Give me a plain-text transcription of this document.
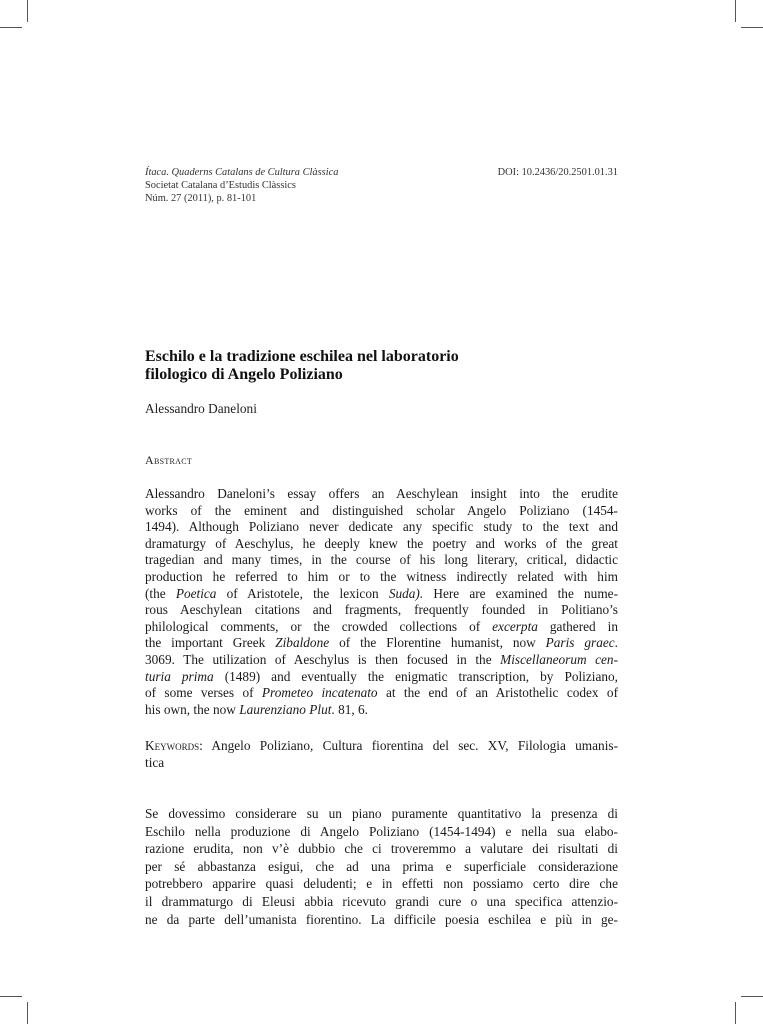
Ítaca. Quaderns Catalans de Cultura Clàssica	DOI: 10.2436/20.2501.01.31
Societat Catalana d’Estudis Clàssics
Núm. 27 (2011), p. 81-101
Eschilo e la tradizione eschilea nel laboratorio
filologico di Angelo Poliziano
Alessandro Daneloni
Abstract
Alessandro Daneloni’s essay offers an Aeschylean insight into the erudite
works of the eminent and distinguished scholar Angelo Poliziano (1454-
1494). Although Poliziano never dedicate any specific study to the text and
dramaturgy of Aeschylus, he deeply knew the poetry and works of the great
tragedian and many times, in the course of his long literary, critical, didactic
production he referred to him or to the witness indirectly related with him
(the Poetica of Aristotele, the lexicon Suda). Here are examined the nume-
rous Aeschylean citations and fragments, frequently founded in Politiano’s
philological comments, or the crowded collections of excerpta gathered in
the important Greek Zibaldone of the Florentine humanist, now Paris graec.
3069. The utilization of Aeschylus is then focused in the Miscellaneorum cen-
turia prima (1489) and eventually the enigmatic transcription, by Poliziano,
of some verses of Prometeo incatenato at the end of an Aristothelic codex of
his own, the now Laurenziano Plut. 81, 6.
Keywords: Angelo Poliziano, Cultura fiorentina del sec. XV, Filologia umanis-
tica
Se dovessimo considerare su un piano puramente quantitativo la presenza di
Eschilo nella produzione di Angelo Poliziano (1454-1494) e nella sua elabo-
razione erudita, non v’è dubbio che ci troveremmo a valutare dei risultati di
per sé abbastanza esigui, che ad una prima e superficiale considerazione
potrebbero apparire quasi deludenti; e in effetti non possiamo certo dire che
il drammaturgo di Eleusi abbia ricevuto grandi cure o una specifica attenzio-
ne da parte dell’umanista fiorentino. La difficile poesia eschilea e più in ge-
